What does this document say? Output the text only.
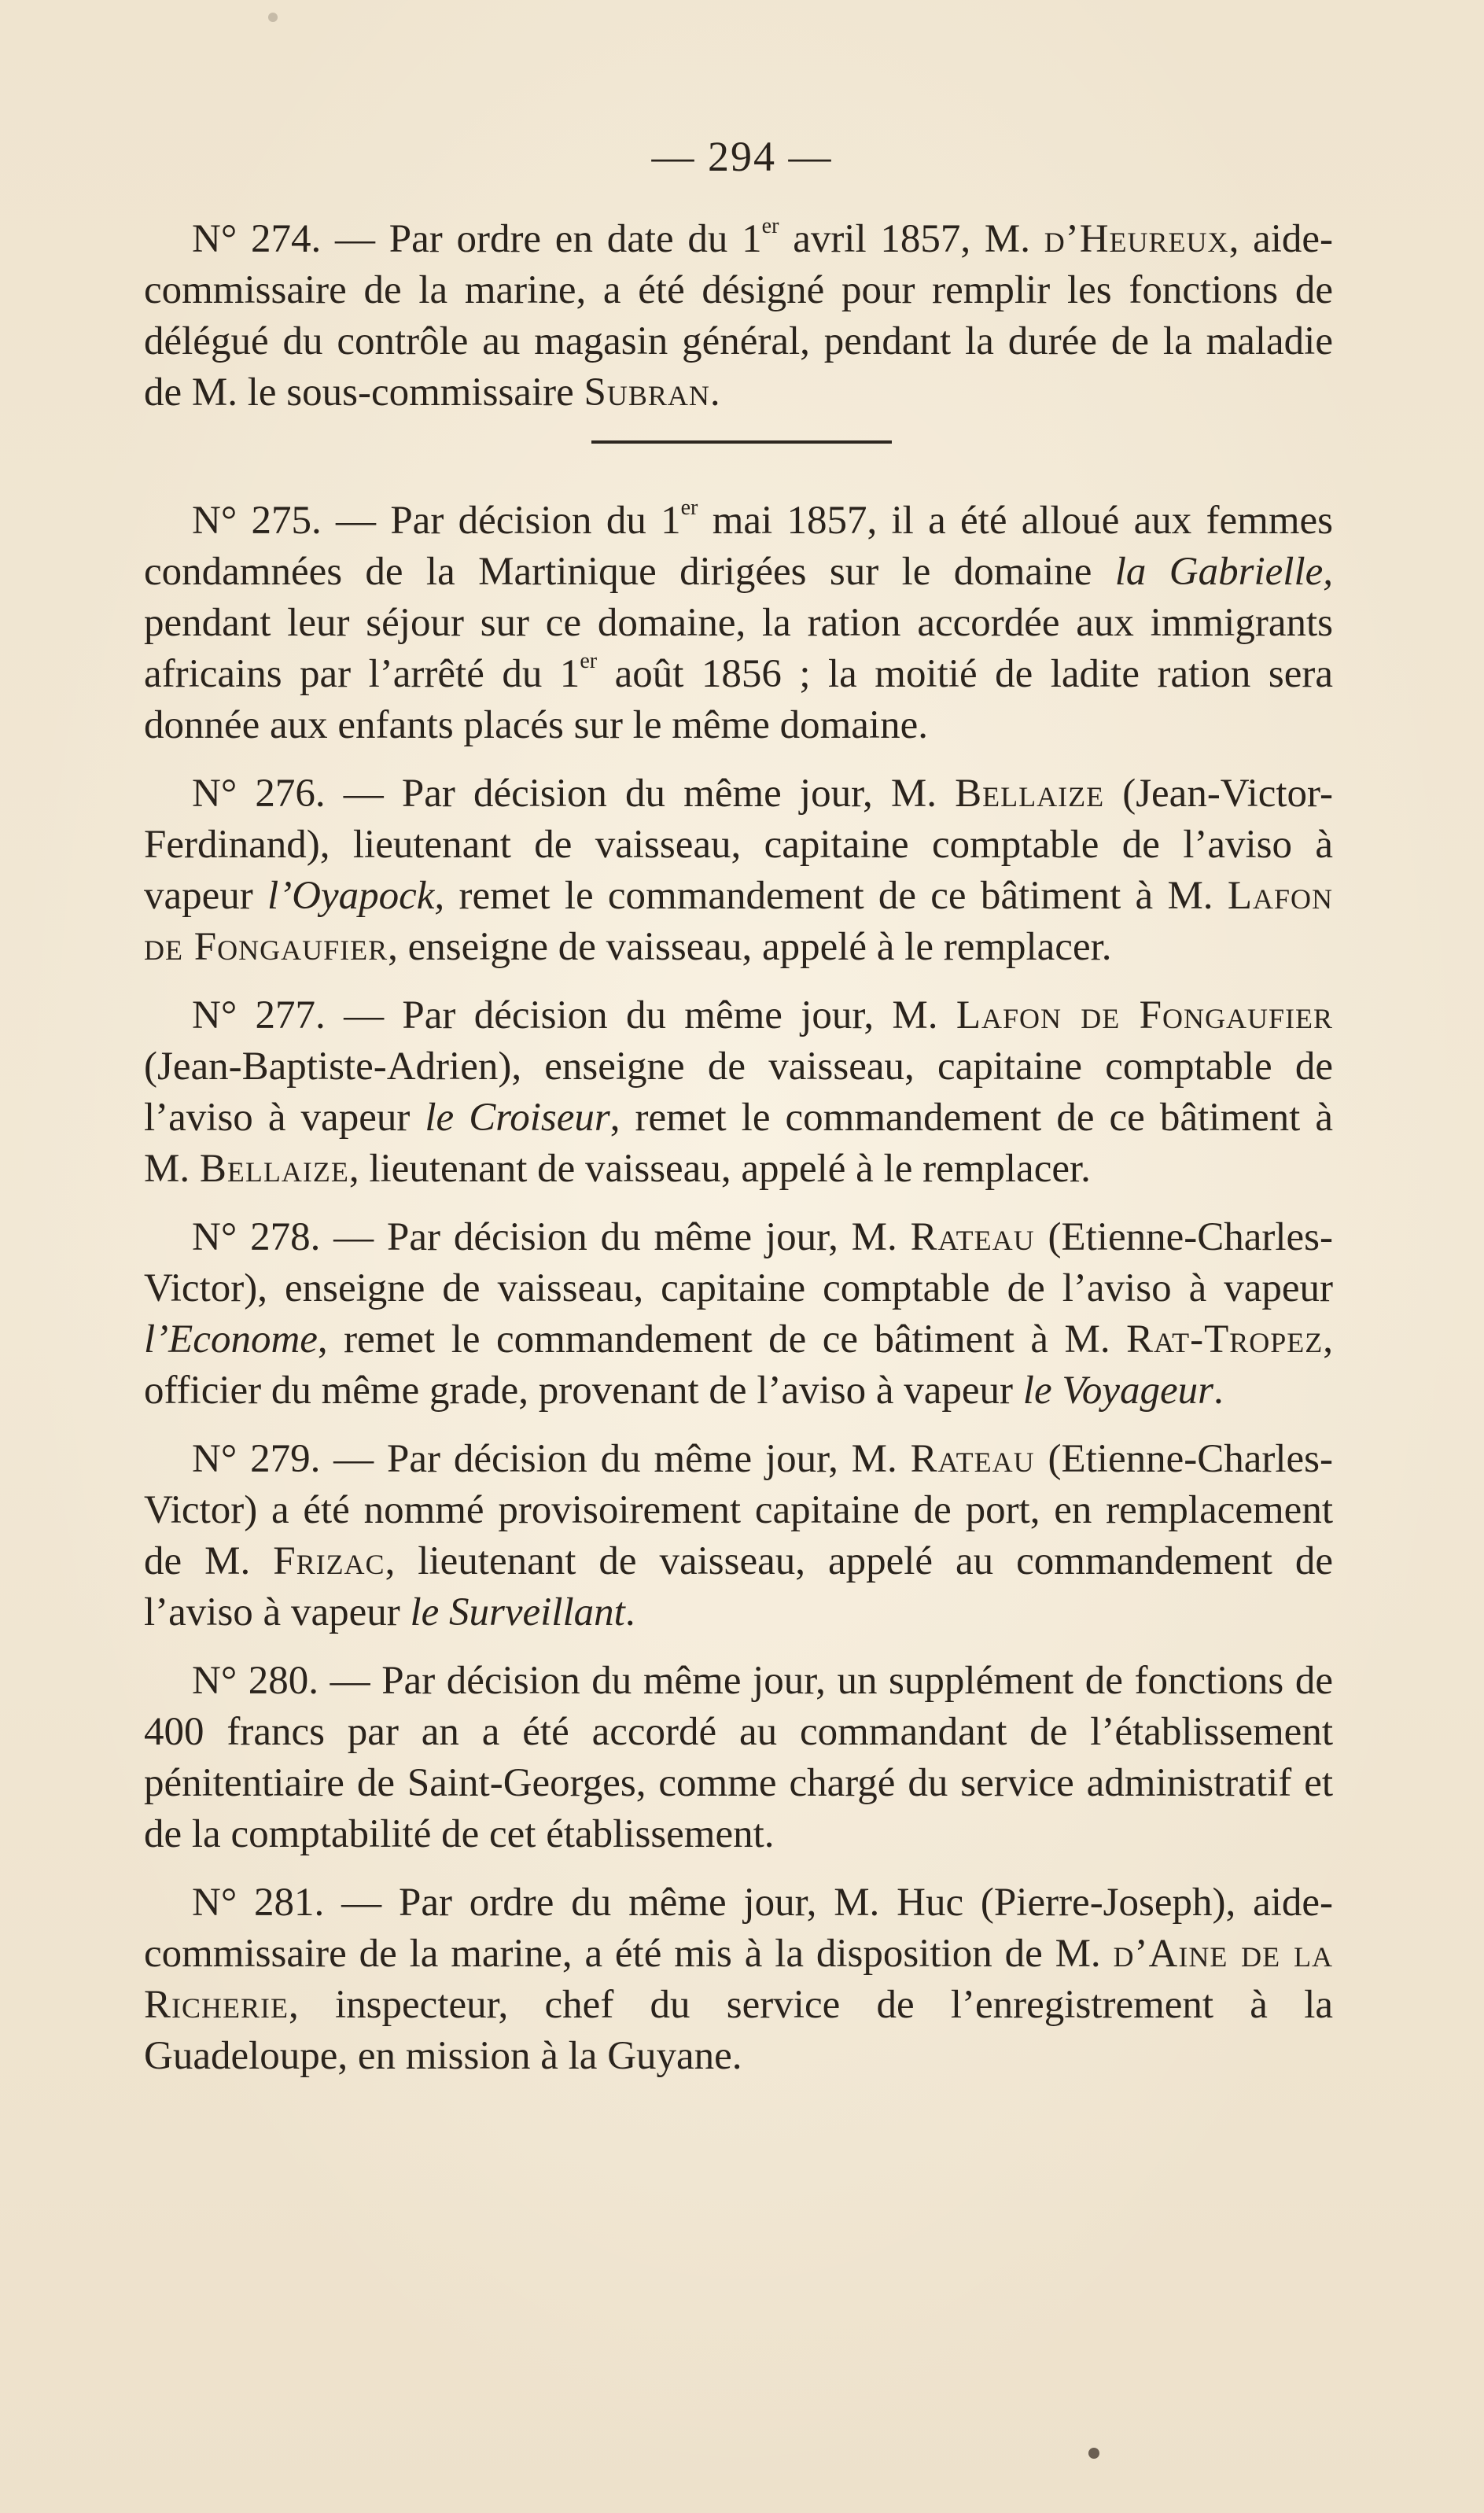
— 294 —

N° 274. — Par ordre en date du 1er avril 1857, M. d’Heureux, aide-commissaire de la marine, a été désigné pour remplir les fonctions de délégué du contrôle au magasin général, pendant la durée de la maladie de M. le sous-commissaire Subran.

N° 275. — Par décision du 1er mai 1857, il a été alloué aux femmes condamnées de la Martinique dirigées sur le domaine la Gabrielle, pendant leur séjour sur ce domaine, la ration accordée aux immigrants africains par l’arrêté du 1er août 1856 ; la moitié de ladite ration sera donnée aux enfants placés sur le même domaine.

N° 276. — Par décision du même jour, M. Bellaize (Jean-Victor-Ferdinand), lieutenant de vaisseau, capitaine comptable de l’aviso à vapeur l’Oyapock, remet le commandement de ce bâtiment à M. Lafon de Fongaufier, enseigne de vaisseau, appelé à le remplacer.

N° 277. — Par décision du même jour, M. Lafon de Fongaufier (Jean-Baptiste-Adrien), enseigne de vaisseau, capitaine comptable de l’aviso à vapeur le Croiseur, remet le commandement de ce bâtiment à M. Bellaize, lieutenant de vaisseau, appelé à le remplacer.

N° 278. — Par décision du même jour, M. Rateau (Etienne-Charles-Victor), enseigne de vaisseau, capitaine comptable de l’aviso à vapeur l’Econome, remet le commandement de ce bâtiment à M. Rat-Tropez, officier du même grade, provenant de l’aviso à vapeur le Voyageur.

N° 279. — Par décision du même jour, M. Rateau (Etienne-Charles-Victor) a été nommé provisoirement capitaine de port, en remplacement de M. Frizac, lieutenant de vaisseau, appelé au commandement de l’aviso à vapeur le Surveillant.

N° 280. — Par décision du même jour, un supplément de fonctions de 400 francs par an a été accordé au commandant de l’établissement pénitentiaire de Saint-Georges, comme chargé du service administratif et de la comptabilité de cet établissement.

N° 281. — Par ordre du même jour, M. Huc (Pierre-Joseph), aide-commissaire de la marine, a été mis à la disposition de M. d’Aine de la Richerie, inspecteur, chef du service de l’enregistrement à la Guadeloupe, en mission à la Guyane.
